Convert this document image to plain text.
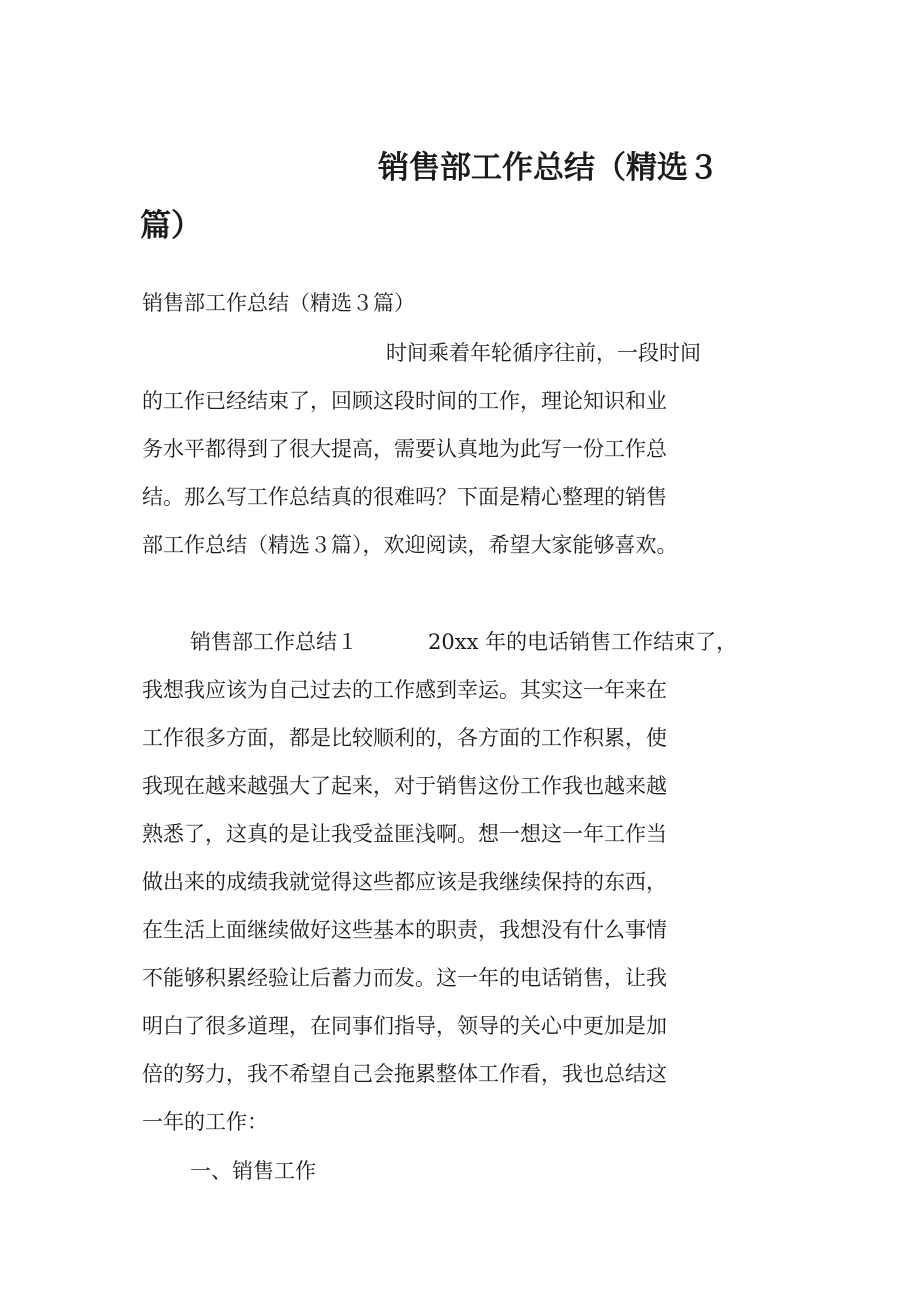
销售部工作总结（精选３
篇）

销售部工作总结（精选３篇）

时间乘着年轮循序往前，一段时间

的工作已经结束了，回顾这段时间的工作，理论知识和业

务水平都得到了很大提高，需要认真地为此写一份工作总

结。那么写工作总结真的很难吗？下面是精心整理的销售

部工作总结（精选３篇），欢迎阅读，希望大家能够喜欢。

销售部工作总结１	20xx 年的电话销售工作结束了，

我想我应该为自己过去的工作感到幸运。其实这一年来在

工作很多方面，都是比较顺利的，各方面的工作积累，使

我现在越来越强大了起来，对于销售这份工作我也越来越

熟悉了，这真的是让我受益匪浅啊。想一想这一年工作当

做出来的成绩我就觉得这些都应该是我继续保持的东西，

在生活上面继续做好这些基本的职责，我想没有什么事情

不能够积累经验让后蓄力而发。这一年的电话销售，让我

明白了很多道理，在同事们指导，领导的关心中更加是加

倍的努力，我不希望自己会拖累整体工作看，我也总结这

一年的工作：

一、销售工作
